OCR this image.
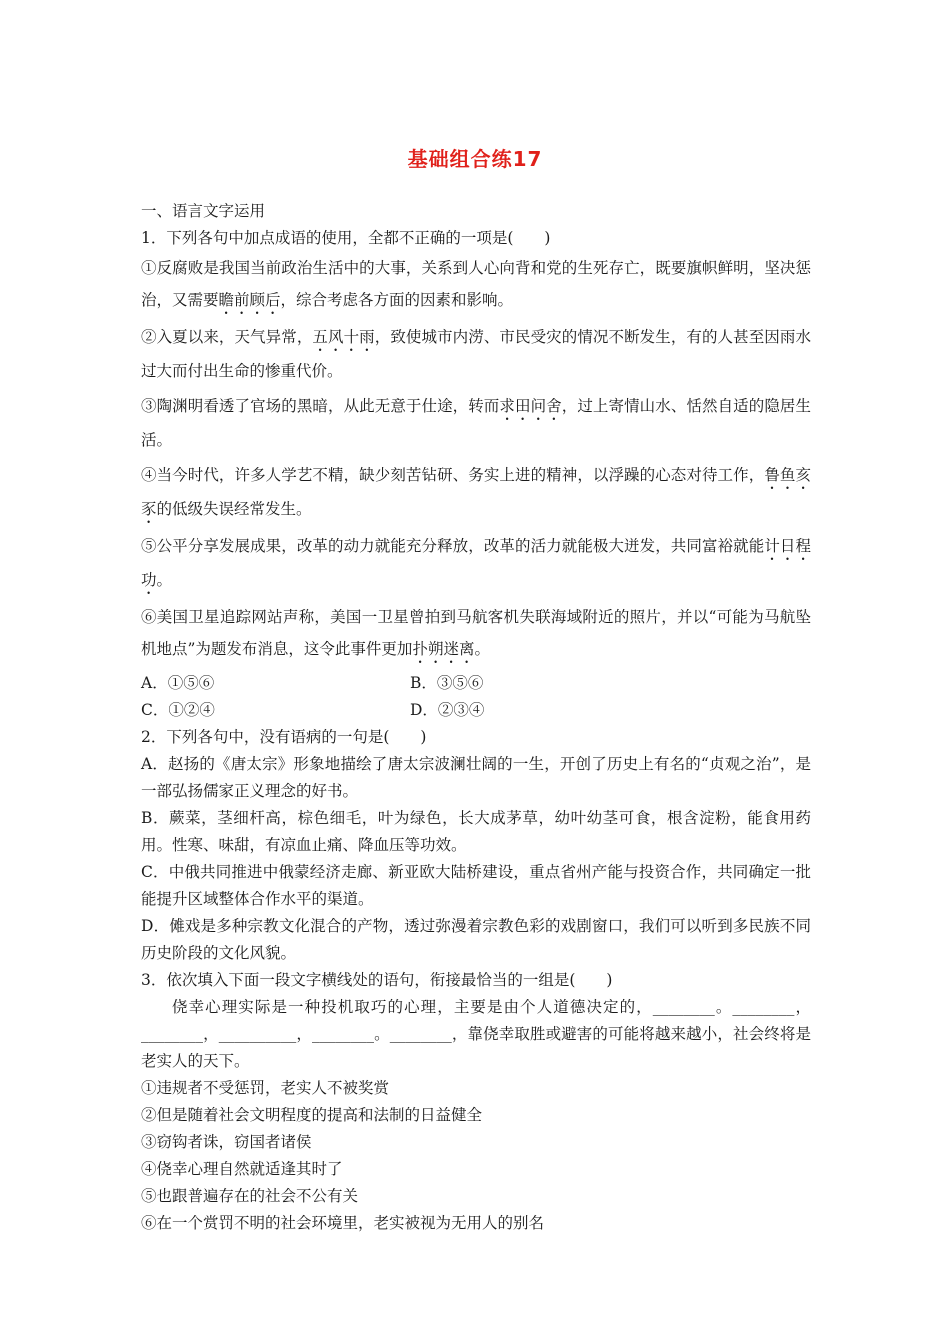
基础组合练17

一、语言文字运用

1．下列各句中加点成语的使用，全都不正确的一项是(　　)

①反腐败是我国当前政治生活中的大事，关系到人心向背和党的生死存亡，既要旗帜鲜明，坚决惩治，又需要瞻前顾后，综合考虑各方面的因素和影响。

②入夏以来，天气异常，五风十雨，致使城市内涝、市民受灾的情况不断发生，有的人甚至因雨水过大而付出生命的惨重代价。

③陶渊明看透了官场的黑暗，从此无意于仕途，转而求田问舍，过上寄情山水、恬然自适的隐居生活。

④当今时代，许多人学艺不精，缺少刻苦钻研、务实上进的精神，以浮躁的心态对待工作，鲁鱼亥豕的低级失误经常发生。

⑤公平分享发展成果，改革的动力就能充分释放，改革的活力就能极大迸发，共同富裕就能计日程功。

⑥美国卫星追踪网站声称，美国一卫星曾拍到马航客机失联海域附近的照片，并以“可能为马航坠机地点”为题发布消息，这令此事件更加扑朔迷离。

A．①⑤⑥	B．③⑤⑥
C．①②④	D．②③④

2．下列各句中，没有语病的一句是(　　)

A．赵扬的《唐太宗》形象地描绘了唐太宗波澜壮阔的一生，开创了历史上有名的“贞观之治”，是一部弘扬儒家正义理念的好书。

B．蕨菜，茎细杆高，棕色细毛，叶为绿色，长大成茅草，幼叶幼茎可食，根含淀粉，能食用药用。性寒、味甜，有凉血止痛、降血压等功效。

C．中俄共同推进中俄蒙经济走廊、新亚欧大陆桥建设，重点省州产能与投资合作，共同确定一批能提升区域整体合作水平的渠道。

D．傩戏是多种宗教文化混合的产物，透过弥漫着宗教色彩的戏剧窗口，我们可以听到多民族不同历史阶段的文化风貌。

3．依次填入下面一段文字横线处的语句，衔接最恰当的一组是(　　)

侥幸心理实际是一种投机取巧的心理，主要是由个人道德决定的，________。________，________，__________，________。________，靠侥幸取胜或避害的可能将越来越小，社会终将是老实人的天下。

①违规者不受惩罚，老实人不被奖赏

②但是随着社会文明程度的提高和法制的日益健全

③窃钩者诛，窃国者诸侯

④侥幸心理自然就适逢其时了

⑤也跟普遍存在的社会不公有关

⑥在一个赏罚不明的社会环境里，老实被视为无用人的别名
